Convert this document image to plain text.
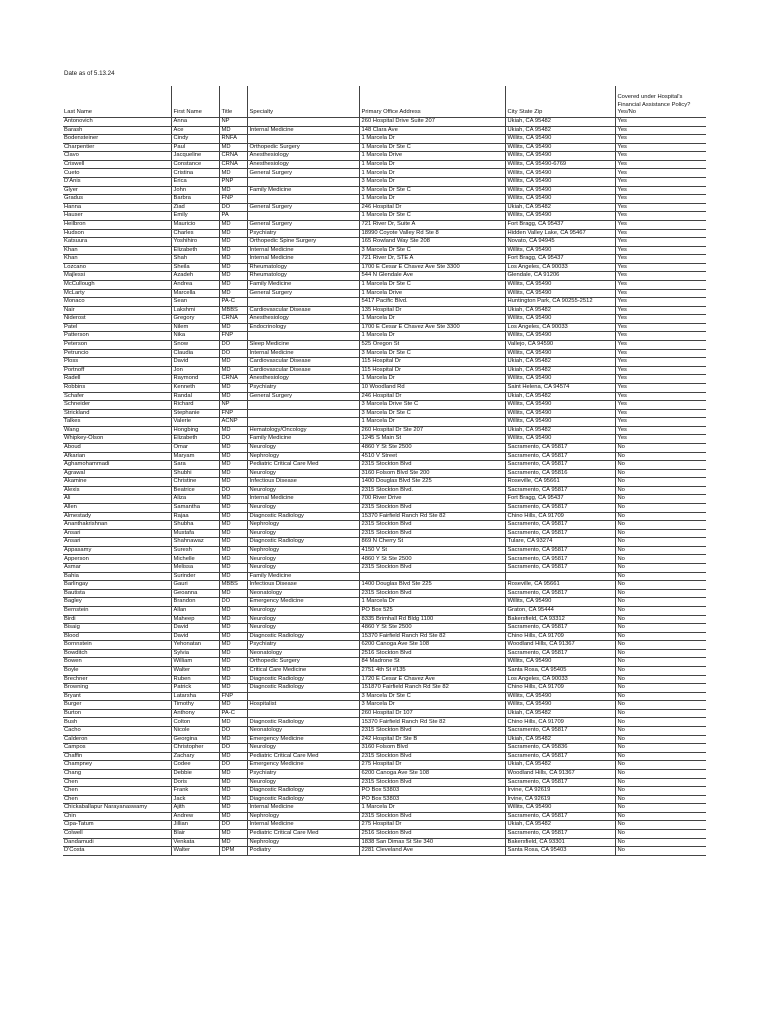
Date as of 5.13.24
Last Name	First Name	Title	Specialty	Primary Office Address	City State Zip	Covered under Hospital's Financial Assistance Policy? Yes/No
Antonovich	Anna	NP		260 Hospital Drive Suite 207	Ukiah, CA 95482	Yes
Barash	Ace	MD	Internal Medicine	148 Clara Ave	Ukiah, CA 95482	Yes
Bodensteiner	Cindy	RNFA		1 Marcela Dr	Willits, CA 95490	Yes
Charpentier	Paul	MD	Orthopedic Surgery	1 Marcela Dr Ste C	Willits, CA 95490	Yes
Clavo	Jacqueline	CRNA	Anesthesiology	1 Marcela Drive	Willits, CA 95490	Yes
Criswell	Constance	CRNA	Anesthesiology	1 Marcela Dr	Willits, CA 95490-6769	Yes
Cueto	Cristina	MD	General Surgery	1 Marcela Dr	Willits, CA 95490	Yes
D'Anis	Erica	PNP		3 Marcela Dr	Willits, CA 95490	Yes
Glyer	John	MD	Family Medicine	3 Marcela Dr Ste C	Willits, CA 95490	Yes
Gradus	Barbra	FNP		1 Marcela Dr	Willits, CA 95490	Yes
Hanna	Ziad	DO	General Surgery	246 Hospital Dr	Ukiah, CA 95482	Yes
Hauser	Emily	PA		1 Marcela Dr Ste C	Willits, CA 95490	Yes
Heilbron	Mauricio	MD	General Surgery	721 River Dr, Suite A	Fort Bragg, CA 95437	Yes
Hudson	Charles	MD	Psychiatry	18990 Coyote Valley Rd Ste 8	Hidden Valley Lake, CA 95467	Yes
Katsuura	Yoshihiro	MD	Orthopedic Spine Surgery	165 Rowland Way Ste 208	Novato, CA 94945	Yes
Khan	Elizabeth	MD	Internal Medicine	3 Marcela Dr Ste C	Willits, CA 95490	Yes
Khan	Shah	MD	Internal Medicine	721 River Dr, STE A	Fort Bragg, CA 95437	Yes
Lozcano	Sheila	MD	Rheumatology	1700 E Cesar E Chavez Ave Ste 3300	Los Angeles, CA 90033	Yes
Majlessi	Azadeh	MD	Rheumatology	544 N Glendale Ave	Glendale, CA 91206	Yes
McCullough	Andrea	MD	Family Medicine	1 Marcela Dr Ste C	Willits, CA 95490	Yes
McLarty	Marcella	MD	General Surgery	1 Marcela Drive	Willits, CA 95490	Yes
Monaco	Sean	PA-C		5417 Pacific Blvd.	Huntington Park, CA 90255-2512	Yes
Nair	Lakshmi	MBBS	Cardiovascular Disease	135 Hospital Dr	Ukiah, CA 95482	Yes
Niderost	Gregory	CRNA	Anesthesiology	1 Marcela Dr	Willits, CA 95490	Yes
Patel	Nilem	MD	Endocrinology	1700 E Cesar E Chavez Ave Ste 3300	Los Angeles, CA 90033	Yes
Patterson	Nika	FNP		1 Marcela Dr	Willits, CA 95490	Yes
Peterson	Snow	DO	Sleep Medicine	525 Oregon St	Vallejo, CA 94590	Yes
Petruncio	Claudia	DO	Internal Medicine	3 Marcela Dr Ste C	Willits, CA 95490	Yes
Ploss	David	MD	Cardiovascular Disease	115 Hospital Dr	Ukiah, CA 95482	Yes
Portnoff	Jon	MD	Cardiovascular Disease	115 Hospital Dr	Ukiah, CA 95482	Yes
Radell	Raymond	CRNA	Anesthesiology	1 Marcela Dr	Willits, CA 95490	Yes
Robbins	Kenneth	MD	Psychiatry	10 Woodland Rd	Saint Helena, CA 94574	Yes
Schafer	Randal	MD	General Surgery	246 Hospital Dr	Ukiah, CA 95482	Yes
Schneider	Richard	NP		3 Marcela Drive Ste C	Willits, CA 95490	Yes
Strickland	Stephanie	FNP		3 Marcela Dr Ste C	Willits, CA 95490	Yes
Talkes	Valerie	ACNP		1 Marcela Dr	Willits, CA 95490	Yes
Wang	Hongbing	MD	Hematology/Oncology	260 Hospital Dr Ste 207	Ukiah, CA 95482	Yes
Whipkey-Olson	Elizabeth	DO	Family Medicine	1245 S Main St	Willits, CA 95490	Yes
Aboud	Omar	MD	Neurology	4860 Y St Ste 2500	Sacramento, CA 95817	No
Afkarian	Maryam	MD	Nephrology	4510 V Street	Sacramento, CA 95817	No
Aghamohammadi	Sara	MD	Pediatric Critical Care Med	2315 Stockton Blvd	Sacramento, CA 95817	No
Agrawal	Shubhi	MD	Neurology	3160 Folsom Blvd Ste 200	Sacramento, CA 95816	No
Akamine	Christine	MD	Infectious Disease	1400 Douglas Blvd Ste 225	Roseville, CA 95661	No
Alexis	Beatrice	DO	Neurology	2315 Stockton Blvd.	Sacramento, CA 95817	No
Ali	Aliza	MD	Internal Medicine	700 River Drive	Fort Bragg, CA 95437	No
Allen	Samantha	MD	Neurology	2315 Stockton Blvd	Sacramento, CA 95817	No
Almestady	Rajaa	MD	Diagnostic Radiology	15370 Fairfield Ranch Rd Ste 82	Chino Hills, CA 91709	No
Ananthakrishnan	Shubha	MD	Nephrology	2315 Stockton Blvd	Sacramento, CA 95817	No
Ansari	Mustafa	MD	Neurology	2315 Stockton Blvd	Sacramento, CA 95817	No
Ansari	Shahnawaz	MD	Diagnostic Radiology	869 N Cherry St	Tulare, CA 93274	No
Appasamy	Suresh	MD	Nephrology	4150 V St	Sacramento, CA 95817	No
Apperson	Michelle	MD	Neurology	4860 Y St Ste 2500	Sacramento, CA 95817	No
Asmar	Melissa	MD	Neurology	2315 Stockton Blvd	Sacramento, CA 95817	No
Bahia	Surinder	MD	Family Medicine			No
Barlingay	Gauri	MBBS	Infectious Disease	1400 Douglas Blvd Ste 225	Roseville, CA 95661	No
Bautista	Geoanna	MD	Neonatology	2315 Stockton Blvd	Sacramento, CA 95817	No
Bagley	Brandon	DO	Emergency Medicine	1 Marcela Dr	Willits, CA 95490	No
Bernstein	Allan	MD	Neurology	PO Box 525	Graton, CA 95444	No
Birdi	Maheep	MD	Neurology	8335 Brimhall Rd Bldg 1100	Bakersfield, CA 93312	No
Bisaig	David	MD	Neurology	4860 Y St Ste 2500	Sacramento, CA 95817	No
Blood	David	MD	Diagnostic Radiology	15370 Fairfield Ranch Rd Ste 82	Chino Hills, CA 91709	No
Bornnstein	Yehonatan	MD	Psychiatry	6200 Canoga Ave Ste 108	Woodland Hills, CA 91367	No
Bowditch	Sylvia	MD	Neonatology	2516 Stockton Blvd	Sacramento, CA 95817	No
Bowen	William	MD	Orthopedic Surgery	84 Madrone St	Willits, CA 95490	No
Boyle	Walter	MD	Critical Care Medicine	2751 4th St #135	Santa Rosa, CA 95405	No
Brechner	Ruben	MD	Diagnostic Radiology	1720 E Cesar E Chavez Ave	Los Angeles, CA 90033	No
Browning	Patrick	MD	Diagnostic Radiology	151870 Fairfield Ranch Rd Ste 82	Chino Hills, CA 91709	No
Bryant	Latarsha	FNP		3 Marcela Dr Ste C	Willits, CA 95490	No
Burger	Timothy	MD	Hospitalist	3 Marcela Dr	Willits, CA 95490	No
Burton	Anthony	PA-C		260 Hospital Dr 107	Ukiah, CA 95482	No
Bush	Colton	MD	Diagnostic Radiology	15370 Fairfield Ranch Rd Ste 82	Chino Hills, CA 91709	No
Cacho	Nicole	DO	Neonatology	2315 Stockton Blvd	Sacramento, CA 95817	No
Calderon	Georgina	MD	Emergency Medicine	242 Hospital Dr Ste B	Ukiah, CA 95482	No
Campos	Christopher	DO	Neurology	3160 Folsom Blvd	Sacramento, CA 95836	No
Chaffin	Zachary	MD	Pediatric Critical Care Med	2315 Stockton Blvd	Sacramento, CA 95817	No
Champney	Codee	DO	Emergency Medicine	275 Hospital Dr	Ukiah, CA 95482	No
Chang	Debbie	MD	Psychiatry	6200 Canoga Ave Ste 108	Woodland Hills, CA 91367	No
Chen	Doris	MD	Neurology	2315 Stockton Blvd	Sacramento, CA 95817	No
Chen	Frank	MD	Diagnostic Radiology	PO Box 53803	Irvine, CA 92619	No
Chen	Jack	MD	Diagnostic Radiology	PO Box 53803	Irvine, CA 92619	No
Chickaballapur Narayanaswamy	Ajith	MD	Internal Medicine	1 Marcela Dr	Willits, CA 95490	No
Chin	Andrew	MD	Nephrology	2315 Stockton Blvd	Sacramento, CA 95817	No
Cipa-Tatum	Jillian	DO	Internal Medicine	275 Hospital Dr	Ukiah, CA 95482	No
Colwell	Blair	MD	Pediatric Critical Care Med	2516 Stockton Blvd	Sacramento, CA 95817	No
Dandamudi	Venkata	MD	Nephrology	1838 San Dimas St Ste 340	Bakersfield, CA 93301	No
D'Costa	Walter	DPM	Podiatry	2281 Cleveland Ave	Santa Rosa, CA 95403	No
